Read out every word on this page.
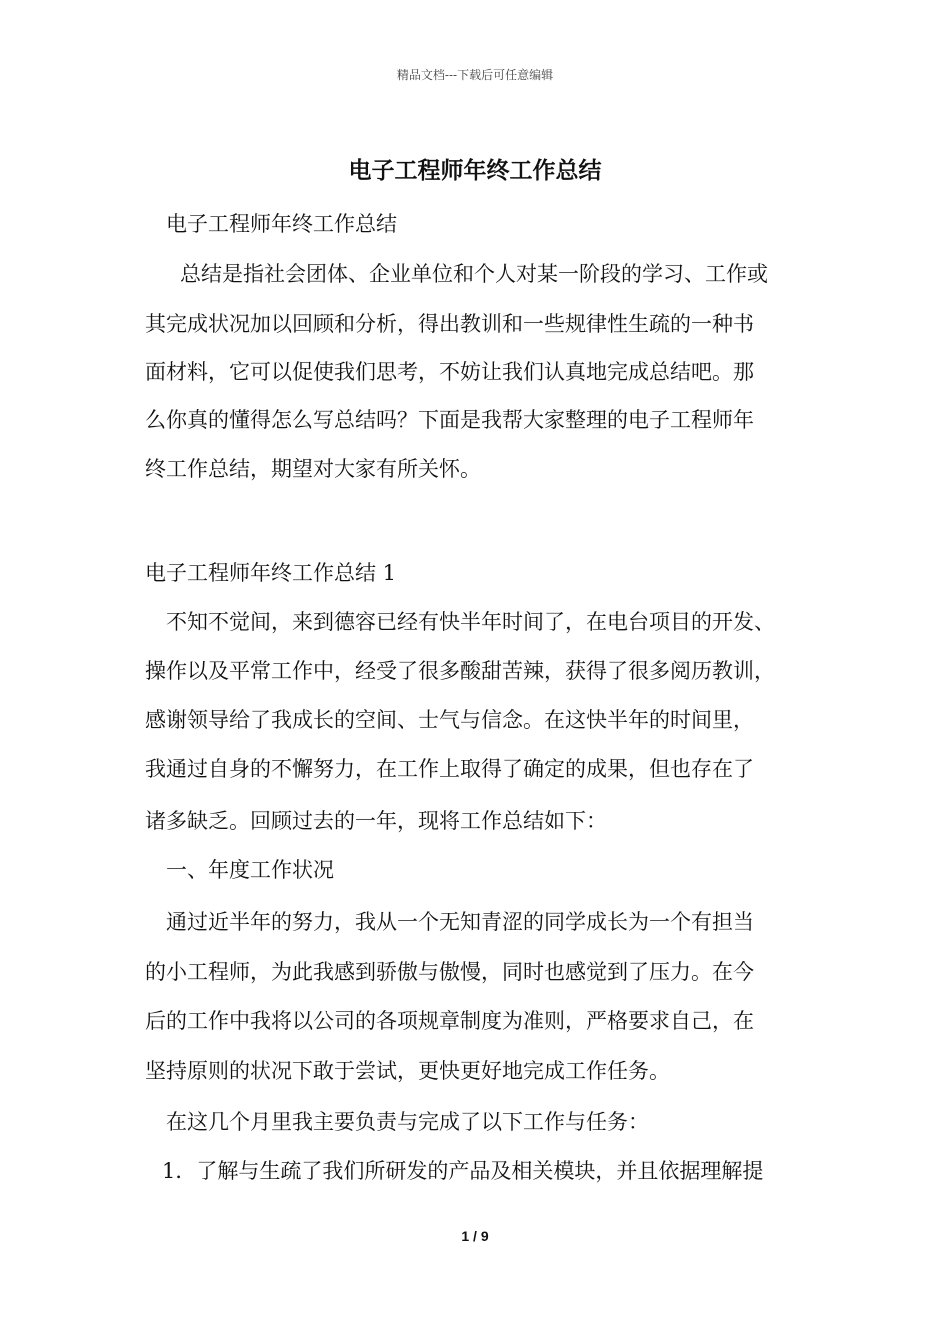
精品文档---下载后可任意编辑
电子工程师年终工作总结
电子工程师年终工作总结
总结是指社会团体、企业单位和个人对某一阶段的学习、工作或
其完成状况加以回顾和分析，得出教训和一些规律性生疏的一种书
面材料，它可以促使我们思考，不妨让我们认真地完成总结吧。那
么你真的懂得怎么写总结吗？下面是我帮大家整理的电子工程师年
终工作总结，期望对大家有所关怀。
电子工程师年终工作总结 1
不知不觉间，来到德容已经有快半年时间了，在电台项目的开发、
操作以及平常工作中，经受了很多酸甜苦辣，获得了很多阅历教训，
感谢领导给了我成长的空间、士气与信念。在这快半年的时间里，
我通过自身的不懈努力，在工作上取得了确定的成果，但也存在了
诸多缺乏。回顾过去的一年，现将工作总结如下：
一、年度工作状况
通过近半年的努力，我从一个无知青涩的同学成长为一个有担当
的小工程师，为此我感到骄傲与傲慢，同时也感觉到了压力。在今
后的工作中我将以公司的各项规章制度为准则，严格要求自己，在
坚持原则的状况下敢于尝试，更快更好地完成工作任务。
在这几个月里我主要负责与完成了以下工作与任务：
1．了解与生疏了我们所研发的产品及相关模块，并且依据理解提
1 / 9
